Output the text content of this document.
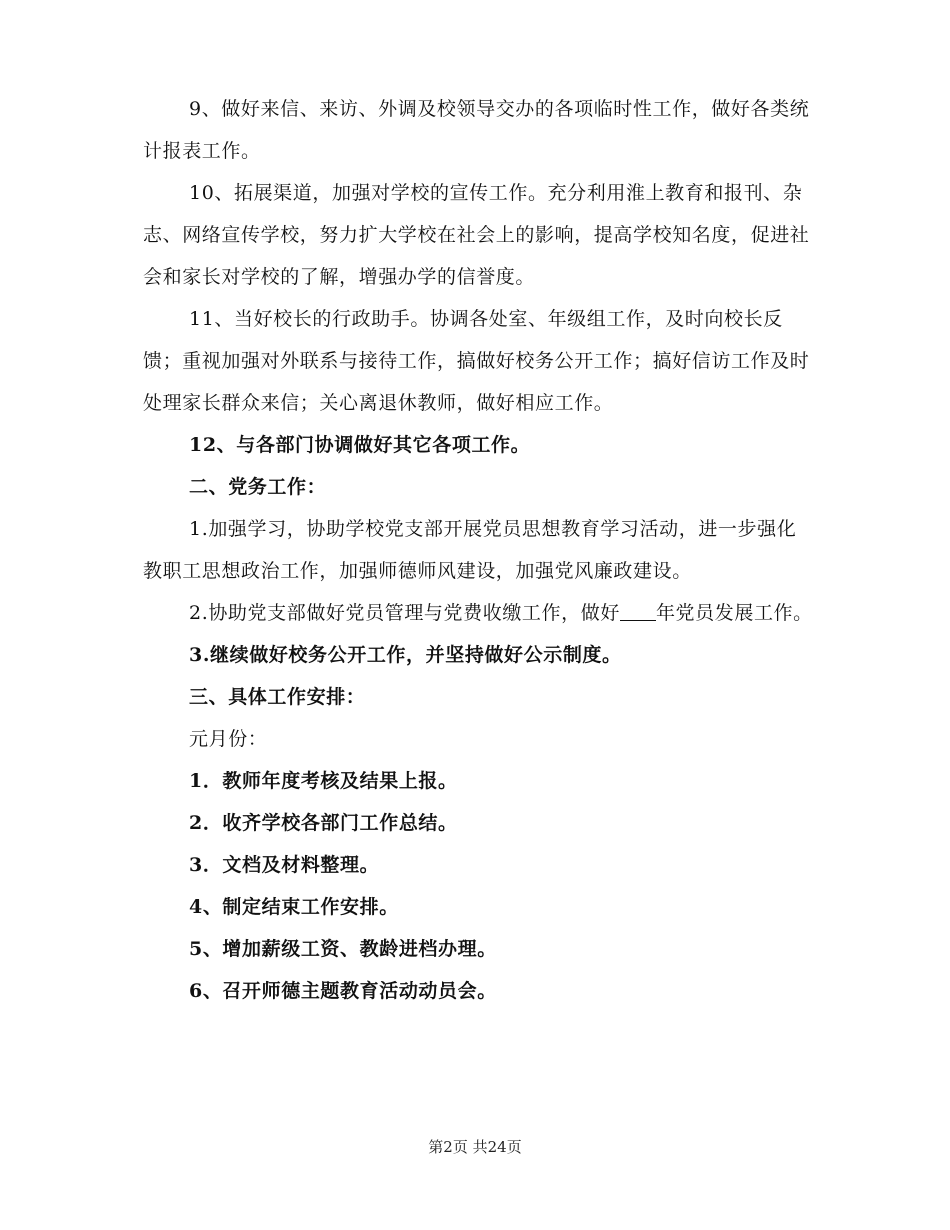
9、做好来信、来访、外调及校领导交办的各项临时性工作，做好各类统计报表工作。

10、拓展渠道，加强对学校的宣传工作。充分利用淮上教育和报刊、杂志、网络宣传学校，努力扩大学校在社会上的影响，提高学校知名度，促进社会和家长对学校的了解，增强办学的信誉度。

11、当好校长的行政助手。协调各处室、年级组工作，及时向校长反馈；重视加强对外联系与接待工作，搞做好校务公开工作；搞好信访工作及时处理家长群众来信；关心离退休教师，做好相应工作。

12、与各部门协调做好其它各项工作。

二、党务工作：

1.加强学习，协助学校党支部开展党员思想教育学习活动，进一步强化教职工思想政治工作，加强师德师风建设，加强党风廉政建设。

2.协助党支部做好党员管理与党费收缴工作，做好 年党员发展工作。

3.继续做好校务公开工作，并坚持做好公示制度。

三、具体工作安排：

元月份：

1．教师年度考核及结果上报。

2．收齐学校各部门工作总结。

3．文档及材料整理。

4、制定结束工作安排。

5、增加薪级工资、教龄进档办理。

6、召开师德主题教育活动动员会。

第2页 共24页
